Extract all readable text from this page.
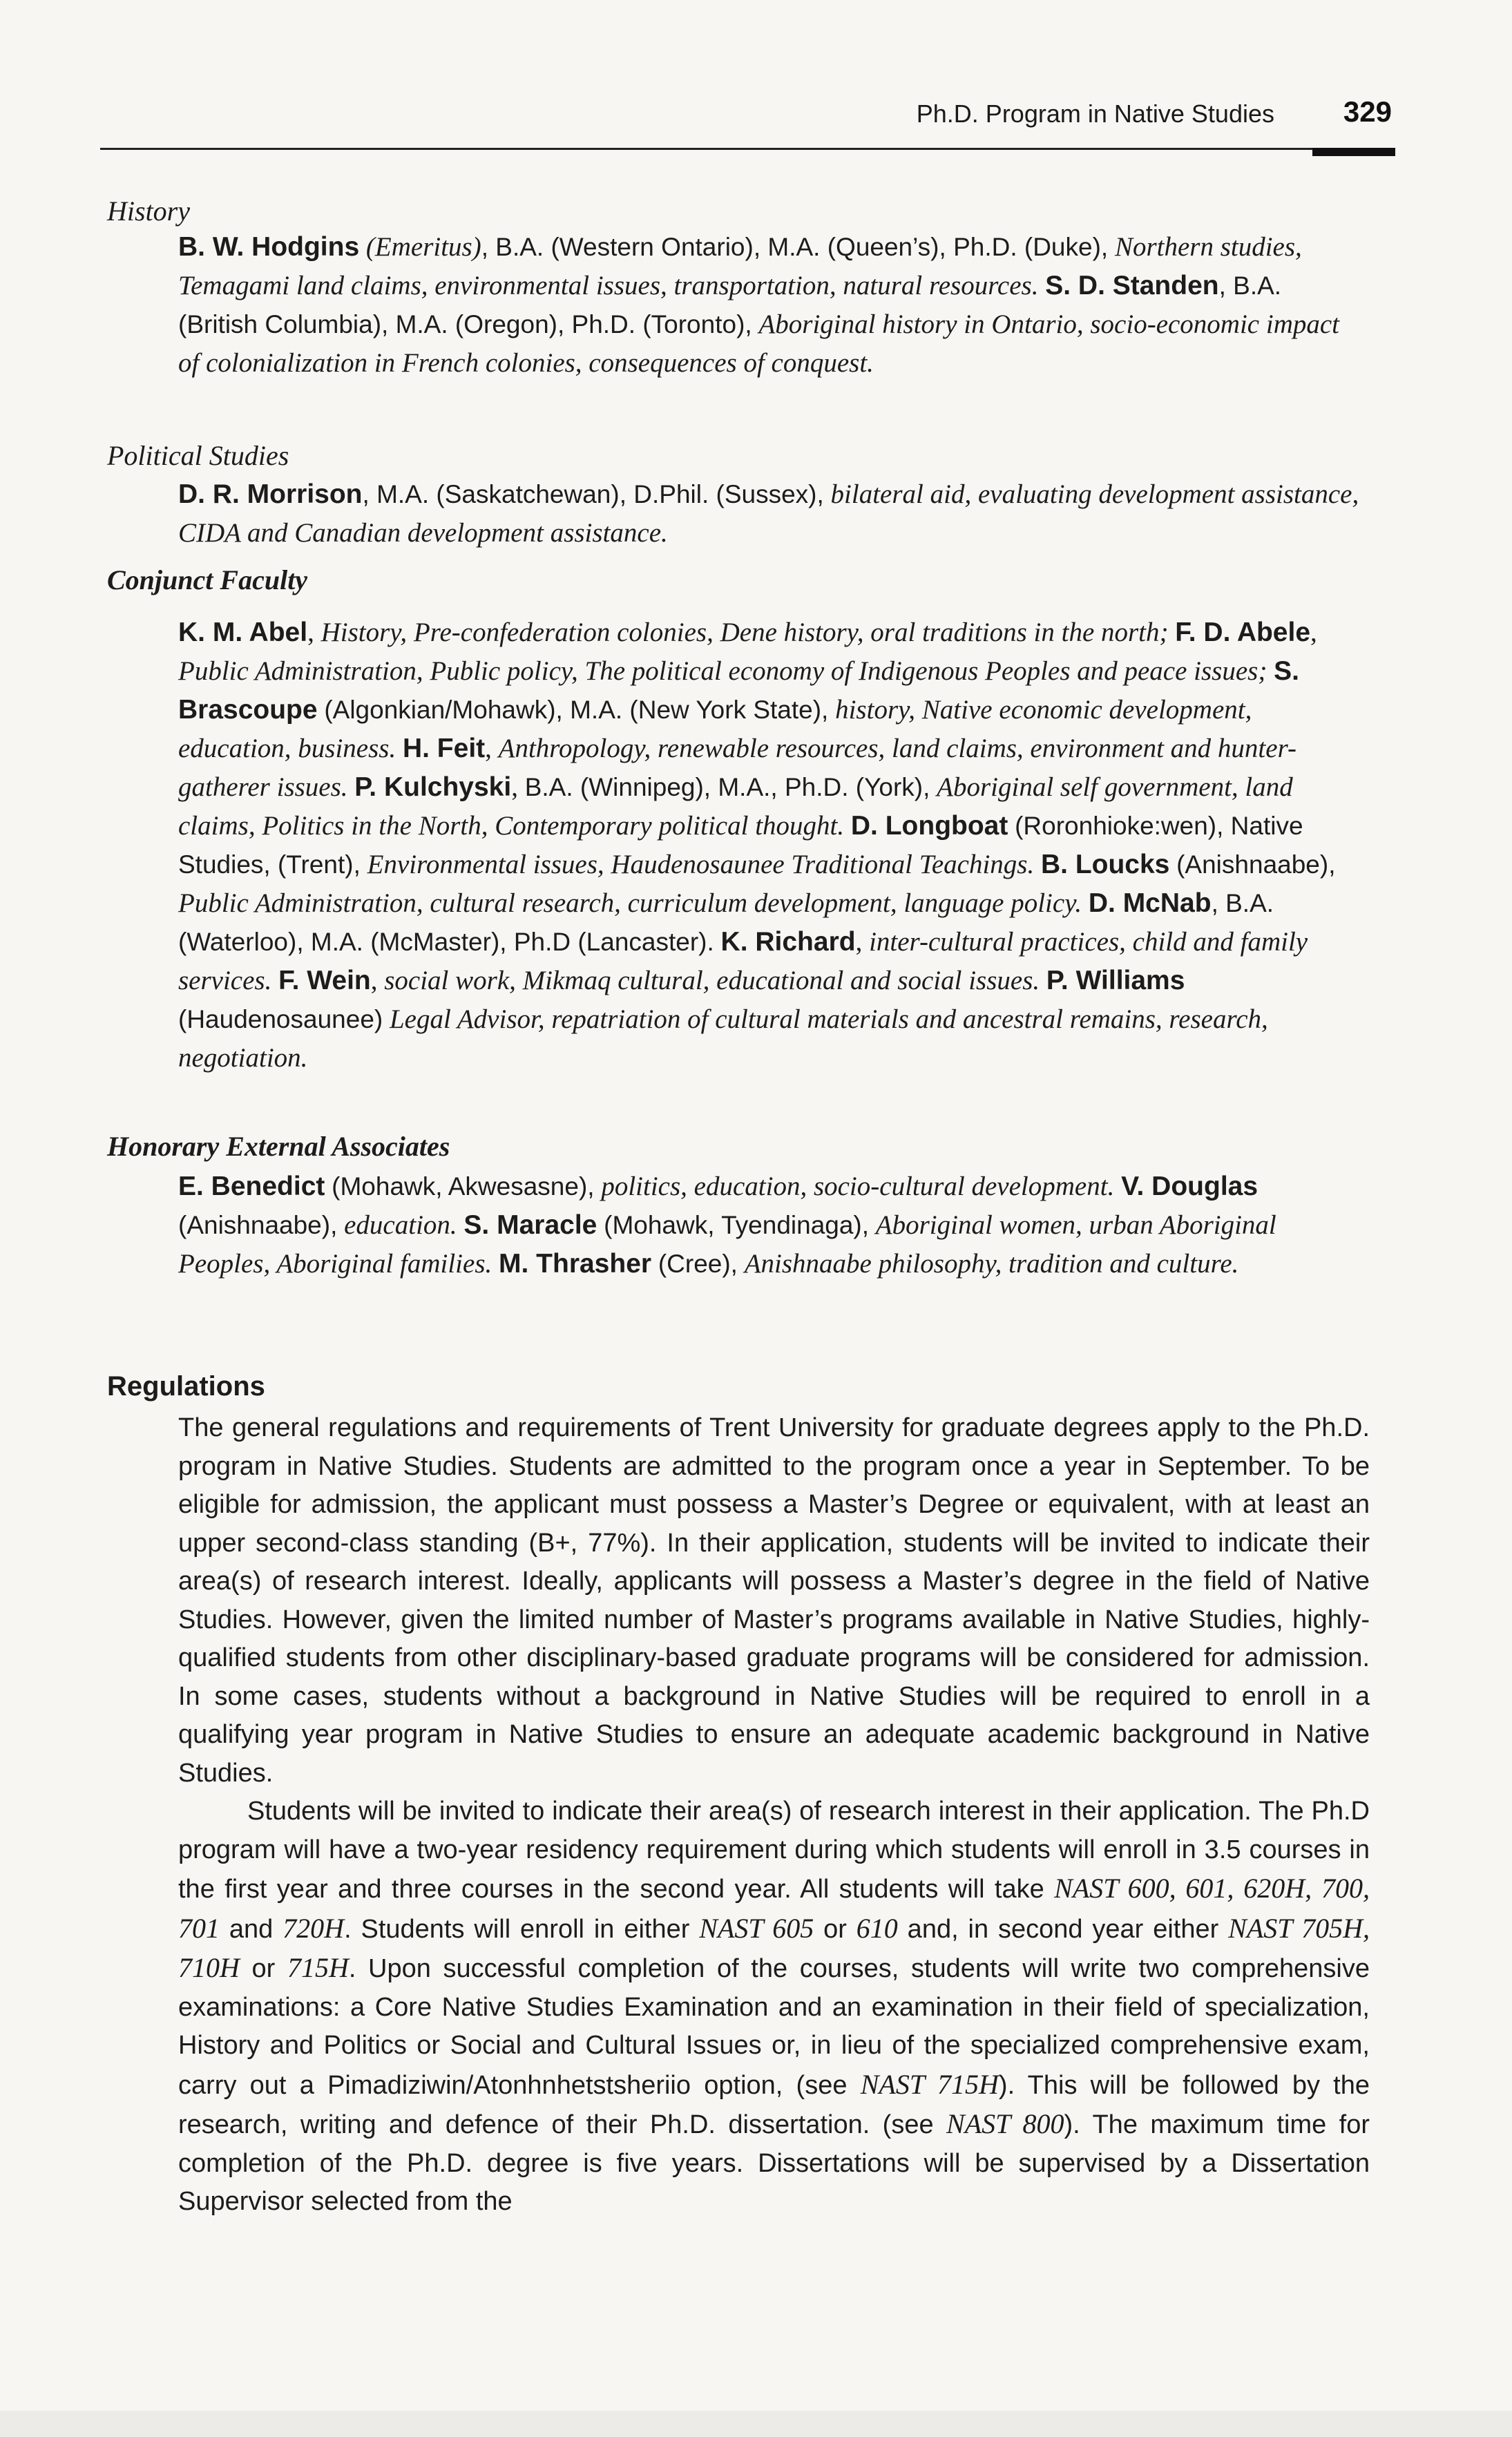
Ph.D. Program in Native Studies 329
History
B. W. Hodgins (Emeritus), B.A. (Western Ontario), M.A. (Queen’s), Ph.D. (Duke), Northern studies, Temagami land claims, environmental issues, transportation, natural resources. S. D. Standen, B.A. (British Columbia), M.A. (Oregon), Ph.D. (Toronto), Aboriginal history in Ontario, socio-economic impact of colonialization in French colonies, consequences of conquest.
Political Studies
D. R. Morrison, M.A. (Saskatchewan), D.Phil. (Sussex), bilateral aid, evaluating development assistance, CIDA and Canadian development assistance.
Conjunct Faculty
K. M. Abel, History, Pre-confederation colonies, Dene history, oral traditions in the north; F. D. Abele, Public Administration, Public policy, The political economy of Indigenous Peoples and peace issues; S. Brascoupe (Algonkian/Mohawk), M.A. (New York State), history, Native economic development, education, business. H. Feit, Anthropology, renewable resources, land claims, environment and hunter-gatherer issues. P. Kulchyski, B.A. (Winnipeg), M.A., Ph.D. (York), Aboriginal self government, land claims, Politics in the North, Contemporary political thought. D. Longboat (Roronhioke:wen), Native Studies, (Trent), Environmental issues, Haudenosaunee Traditional Teachings. B. Loucks (Anishnaabe), Public Administration, cultural research, curriculum development, language policy. D. McNab, B.A. (Waterloo), M.A. (McMaster), Ph.D (Lancaster). K. Richard, inter-cultural practices, child and family services. F. Wein, social work, Mikmaq cultural, educational and social issues. P. Williams (Haudenosaunee) Legal Advisor, repatriation of cultural materials and ancestral remains, research, negotiation.
Honorary External Associates
E. Benedict (Mohawk, Akwesasne), politics, education, socio-cultural development. V. Douglas (Anishnaabe), education. S. Maracle (Mohawk, Tyendinaga), Aboriginal women, urban Aboriginal Peoples, Aboriginal families. M. Thrasher (Cree), Anishnaabe philosophy, tradition and culture.
Regulations

The general regulations and requirements of Trent University for graduate degrees apply to the Ph.D. program in Native Studies. Students are admitted to the program once a year in September. To be eligible for admission, the applicant must possess a Master’s Degree or equivalent, with at least an upper second-class standing (B+, 77%). In their application, students will be invited to indicate their area(s) of research interest. Ideally, applicants will possess a Master’s degree in the field of Native Studies. However, given the limited number of Master’s programs available in Native Studies, highly-qualified students from other disciplinary-based graduate programs will be considered for admission. In some cases, students without a background in Native Studies will be required to enroll in a qualifying year program in Native Studies to ensure an adequate academic background in Native Studies.

Students will be invited to indicate their area(s) of research interest in their application. The Ph.D program will have a two-year residency requirement during which students will enroll in 3.5 courses in the first year and three courses in the second year. All students will take NAST 600, 601, 620H, 700, 701 and 720H. Students will enroll in either NAST 605 or 610 and, in second year either NAST 705H, 710H or 715H. Upon successful completion of the courses, students will write two comprehensive examinations: a Core Native Studies Examination and an examination in their field of specialization, History and Politics or Social and Cultural Issues or, in lieu of the specialized comprehensive exam, carry out a Pimadiziwin/Atonhnhetstsheriio option, (see NAST 715H). This will be followed by the research, writing and defence of their Ph.D. dissertation. (see NAST 800). The maximum time for completion of the Ph.D. degree is five years. Dissertations will be supervised by a Dissertation Supervisor selected from the
